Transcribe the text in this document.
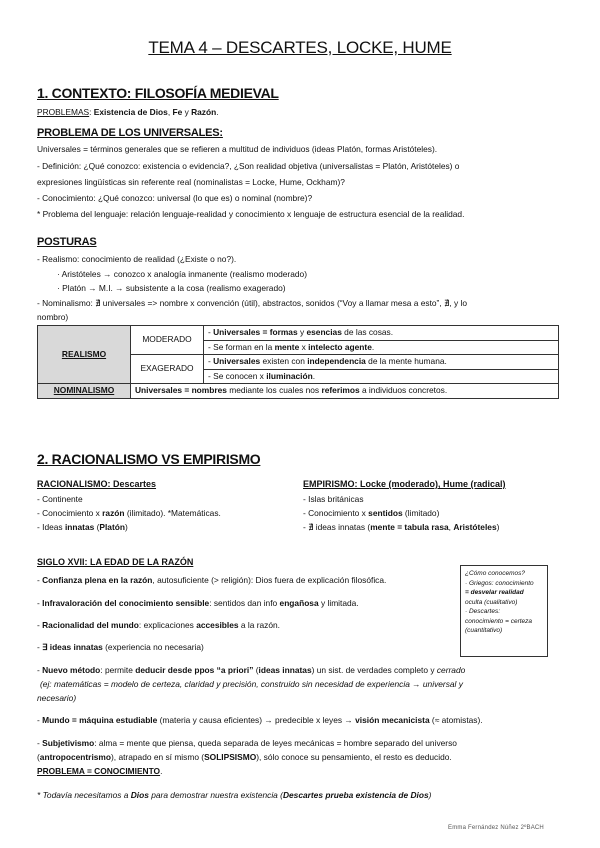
TEMA 4 – DESCARTES, LOCKE, HUME
1. CONTEXTO: FILOSOFÍA MEDIEVAL
PROBLEMAS: Existencia de Dios, Fe y Razón.
PROBLEMA DE LOS UNIVERSALES:
Universales = términos generales que se refieren a multitud de individuos (ideas Platón, formas Aristóteles).
- Definición: ¿Qué conozco: existencia o evidencia?, ¿Son realidad objetiva (universalistas = Platón, Aristóteles) o
expresiones lingüísticas sin referente real (nominalistas = Locke, Hume, Ockham)?
- Conocimiento: ¿Qué conozco: universal (lo que es) o nominal (nombre)?
* Problema del lenguaje: relación lenguaje-realidad y conocimiento x lenguaje de estructura esencial de la realidad.
POSTURAS
- Realismo: conocimiento de realidad (¿Existe o no?).
· Aristóteles → conozco x analogía inmanente (realismo moderado)
· Platón → M.I. → subsistente a la cosa (realismo exagerado)
- Nominalismo: ∄ universales => nombre x convención (útil), abstractos, sonidos (“Voy a llamar mesa a esto”, ∄, y lo
nombro)
REALISMO	MODERADO	- Universales = formas y esencias de las cosas.
		- Se forman en la mente x intelecto agente.
	EXAGERADO	- Universales existen con independencia de la mente humana.
		- Se conocen x iluminación.
NOMINALISMO	Universales = nombres mediante los cuales nos referimos a individuos concretos.	
2. RACIONALISMO VS EMPIRISMO
RACIONALISMO: Descartes
- Continente
- Conocimiento x razón (ilimitado). *Matemáticas.
- Ideas innatas (Platón)
EMPIRISMO: Locke (moderado), Hume (radical)
- Islas británicas
- Conocimiento x sentidos (limitado)
- ∄ ideas innatas (mente = tabula rasa, Aristóteles)
SIGLO XVII: LA EDAD DE LA RAZÓN
- Confianza plena en la razón, autosuficiente (> religión): Dios fuera de explicación filosófica.
- Infravaloración del conocimiento sensible: sentidos dan info engañosa y limitada.
- Racionalidad del mundo: explicaciones accesibles a la razón.
- ∃ ideas innatas (experiencia no necesaria)
- Nuevo método: permite deducir desde ppos “a priori” (ideas innatas) un sist. de verdades completo y cerrado
(ej: matemáticas = modelo de certeza, claridad y precisión, construido sin necesidad de experiencia → universal y
necesario)
- Mundo = máquina estudiable (materia y causa eficientes) → predecible x leyes → visión mecanicista (≈ atomistas).
- Subjetivismo: alma = mente que piensa, queda separada de leyes mecánicas = hombre separado del universo
(antropocentrismo), atrapado en sí mismo (SOLIPSISMO), sólo conoce su pensamiento, el resto es deducido.
PROBLEMA = CONOCIMIENTO.
* Todavía necesitamos a Dios para demostrar nuestra existencia (Descartes prueba existencia de Dios)
¿Cómo conocemos?
· Griegos: conocimiento
= desvelar realidad
oculta (cualitativo)
· Descartes:
conocimiento = certeza
(cuantitativo)
Emma Fernández Núñez 2ºBACH
